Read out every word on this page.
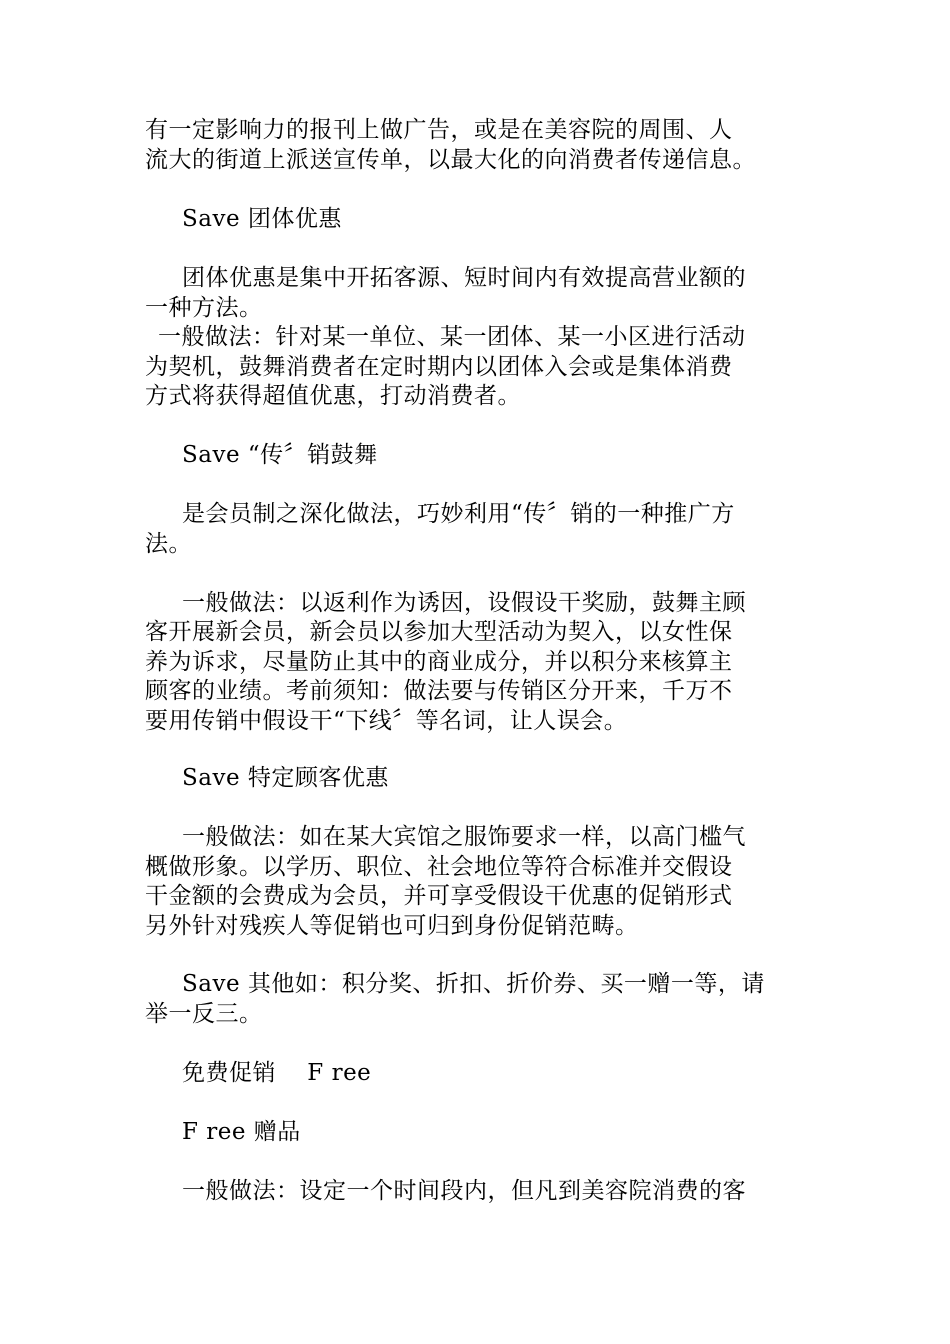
有一定影响力的报刊上做广告，或是在美容院的周围、人
流大的街道上派送宣传单，以最大化的向消费者传递信息。
Save 团体优惠
团体优惠是集中开拓客源、短时间内有效提高营业额的
一种方法。
一般做法：针对某一单位、某一团体、某一小区进行活动
为契机，鼓舞消费者在定时期内以团体入会或是集体消费
方式将获得超值优惠，打动消费者。
Save “传〞销鼓舞
是会员制之深化做法，巧妙利用“传〞销的一种推广方
法。
一般做法：以返利作为诱因，设假设干奖励，鼓舞主顾
客开展新会员，新会员以参加大型活动为契入，以女性保
养为诉求，尽量防止其中的商业成分，并以积分来核算主
顾客的业绩。考前须知：做法要与传销区分开来，千万不
要用传销中假设干“下线〞等名词，让人误会。
Save 特定顾客优惠
一般做法：如在某大宾馆之服饰要求一样，以高门槛气
概做形象。以学历、职位、社会地位等符合标准并交假设
干金额的会费成为会员，并可享受假设干优惠的促销形式
另外针对残疾人等促销也可归到身份促销范畴。
Save 其他如：积分奖、折扣、折价券、买一赠一等，请
举一反三。
免费促销　 F ree
F ree 赠品
一般做法：设定一个时间段内，但凡到美容院消费的客
